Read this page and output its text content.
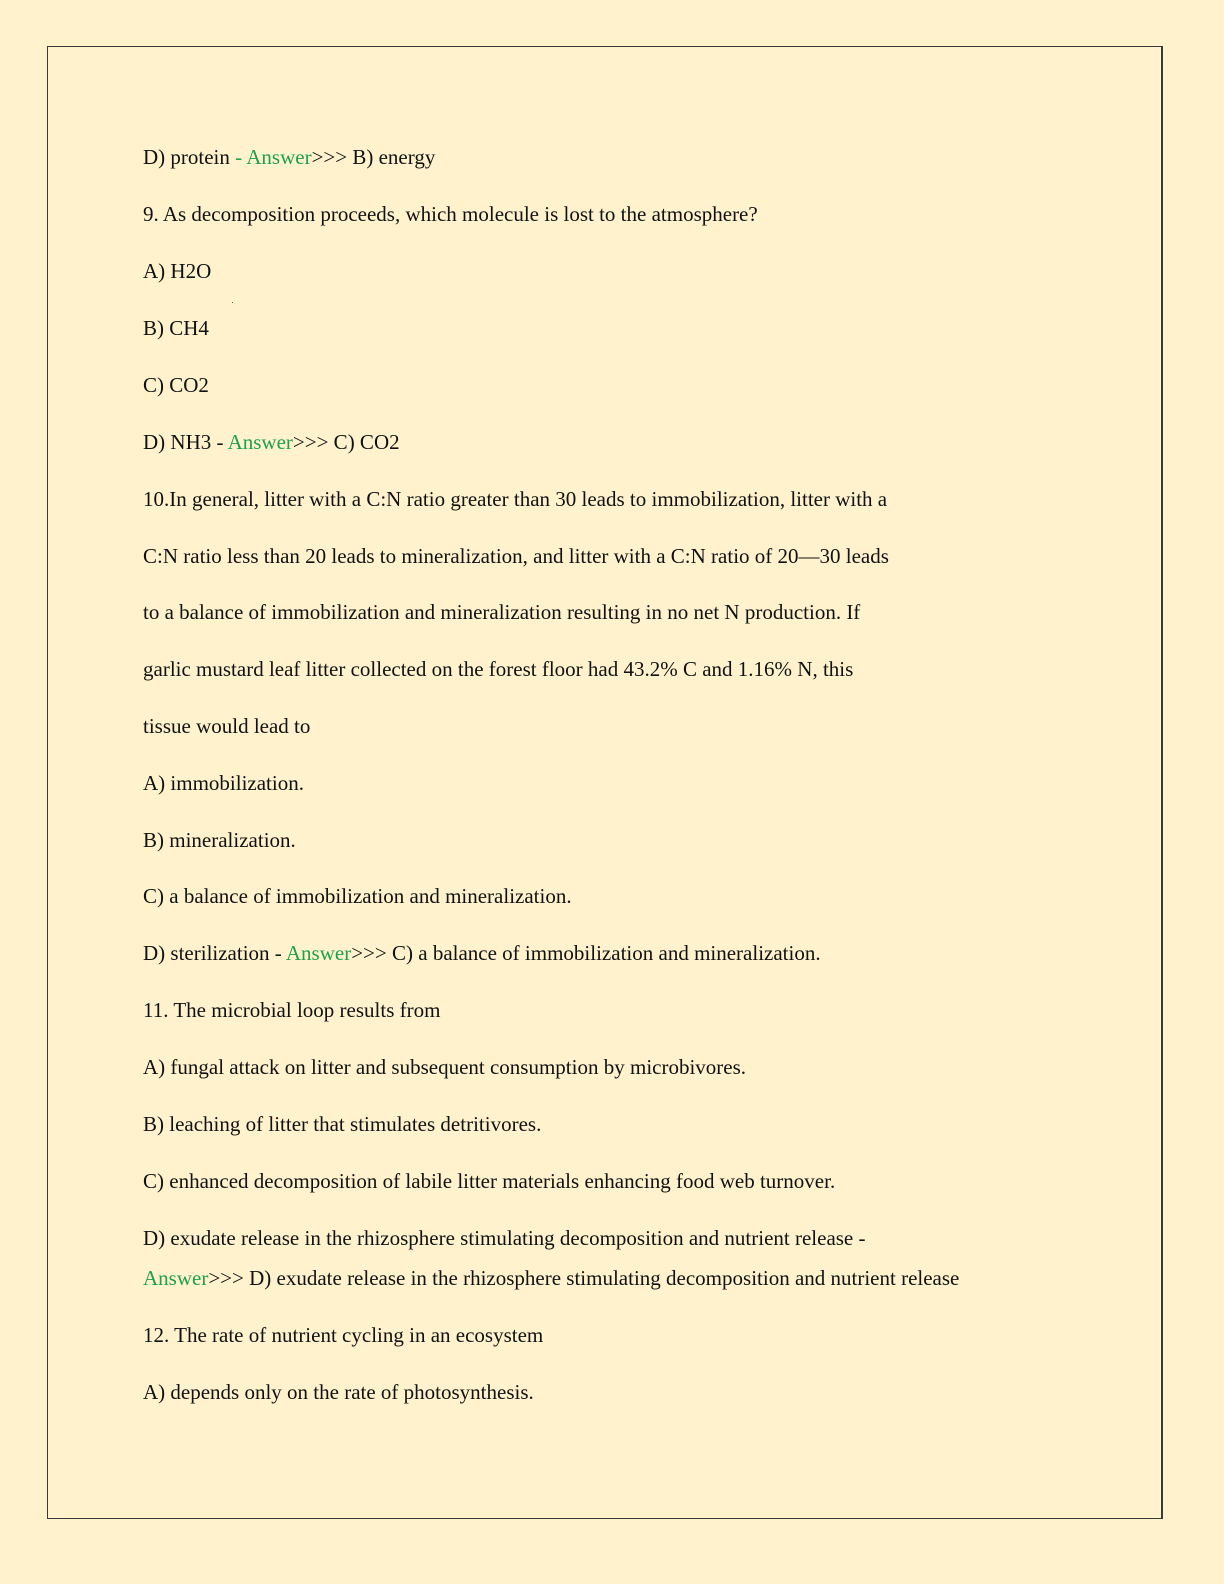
D) protein - Answer>>> B) energy
9. As decomposition proceeds, which molecule is lost to the atmosphere?
A) H2O
B) CH4
C) CO2
D) NH3 - Answer>>> C) CO2
10.In general, litter with a C:N ratio greater than 30 leads to immobilization, litter with a
C:N ratio less than 20 leads to mineralization, and litter with a C:N ratio of 20—30 leads
to a balance of immobilization and mineralization resulting in no net N production. If
garlic mustard leaf litter collected on the forest floor had 43.2% C and 1.16% N, this
tissue would lead to
A) immobilization.
B) mineralization.
C) a balance of immobilization and mineralization.
D) sterilization - Answer>>> C) a balance of immobilization and mineralization.
11. The microbial loop results from
A) fungal attack on litter and subsequent consumption by microbivores.
B) leaching of litter that stimulates detritivores.
C) enhanced decomposition of labile litter materials enhancing food web turnover.
D) exudate release in the rhizosphere stimulating decomposition and nutrient release -
Answer>>> D) exudate release in the rhizosphere stimulating decomposition and nutrient release
12. The rate of nutrient cycling in an ecosystem
A) depends only on the rate of photosynthesis.
